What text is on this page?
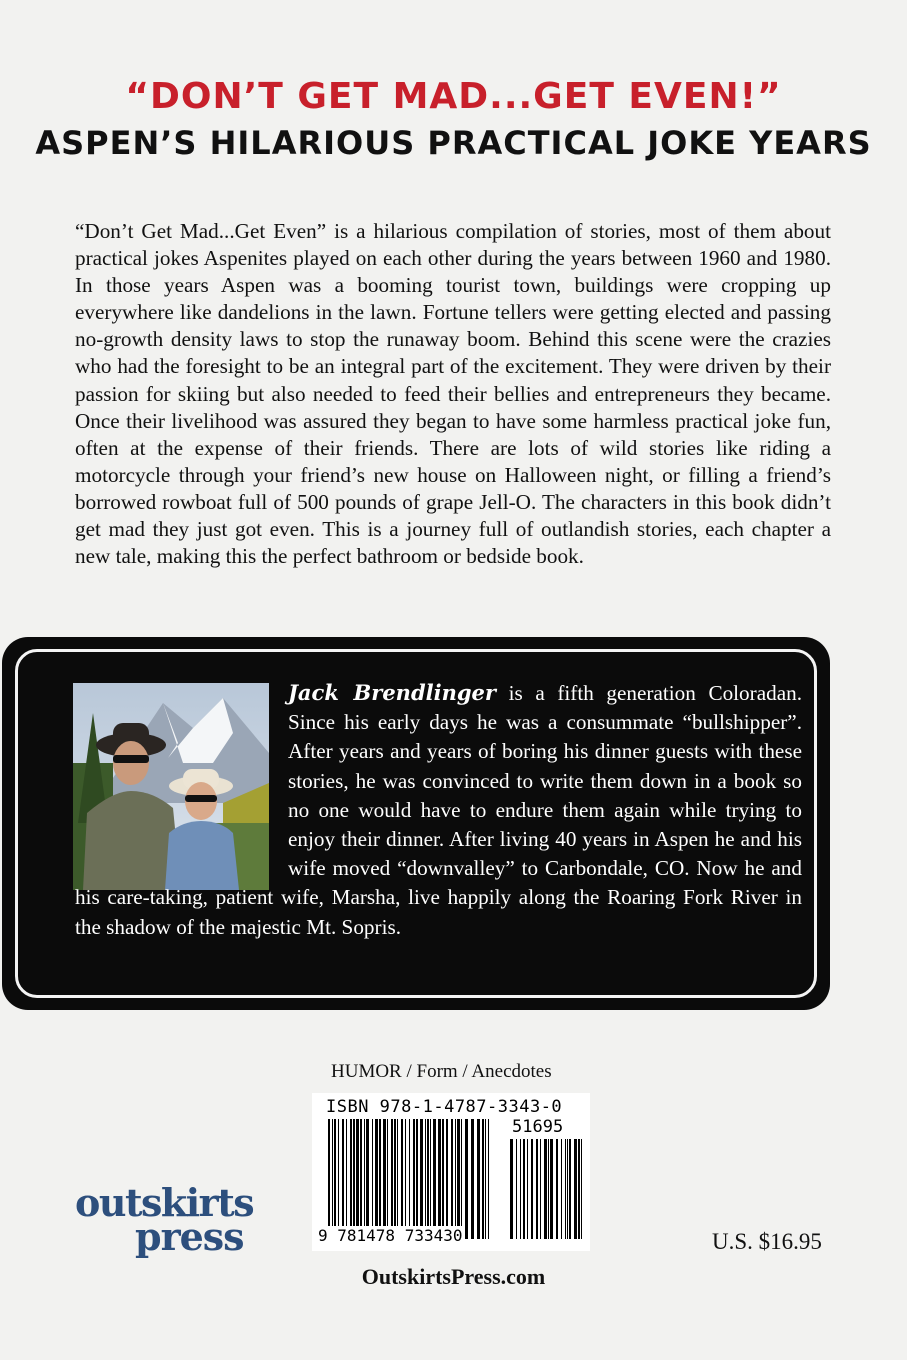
“DON’T GET MAD...GET EVEN!”
ASPEN’S HILARIOUS PRACTICAL JOKE YEARS

“Don’t Get Mad...Get Even” is a hilarious compilation of stories, most of them about practical jokes Aspenites played on each other during the years between 1960 and 1980. In those years Aspen was a booming tourist town, buildings were cropping up everywhere like dandelions in the lawn. Fortune tellers were getting elected and passing no-growth density laws to stop the runaway boom. Behind this scene were the crazies who had the foresight to be an integral part of the excitement. They were driven by their passion for skiing but also needed to feed their bellies and entrepreneurs they became. Once their livelihood was assured they began to have some harmless practical joke fun, often at the expense of their friends. There are lots of wild stories like riding a motorcycle through your friend’s new house on Halloween night, or filling a friend’s borrowed rowboat full of 500 pounds of grape Jell-O. The characters in this book didn’t get mad they just got even. This is a journey full of outlandish stories, each chapter a new tale, making this the perfect bathroom or bedside book.

Jack Brendlinger is a fifth generation Coloradan. Since his early days he was a consummate “bullshipper”. After years and years of boring his dinner guests with these stories, he was convinced to write them down in a book so no one would have to endure them again while trying to enjoy their dinner. After living 40 years in Aspen he and his wife moved “downvalley” to Carbondale, CO. Now he and his care-taking, patient wife, Marsha, live happily along the Roaring Fork River in the shadow of the majestic Mt. Sopris.

HUMOR / Form / Anecdotes

ISBN 978-1-4787-3343-0

51695

9 781478 733430

outskirts
press	U.S. $16.95

OutskirtsPress.com
